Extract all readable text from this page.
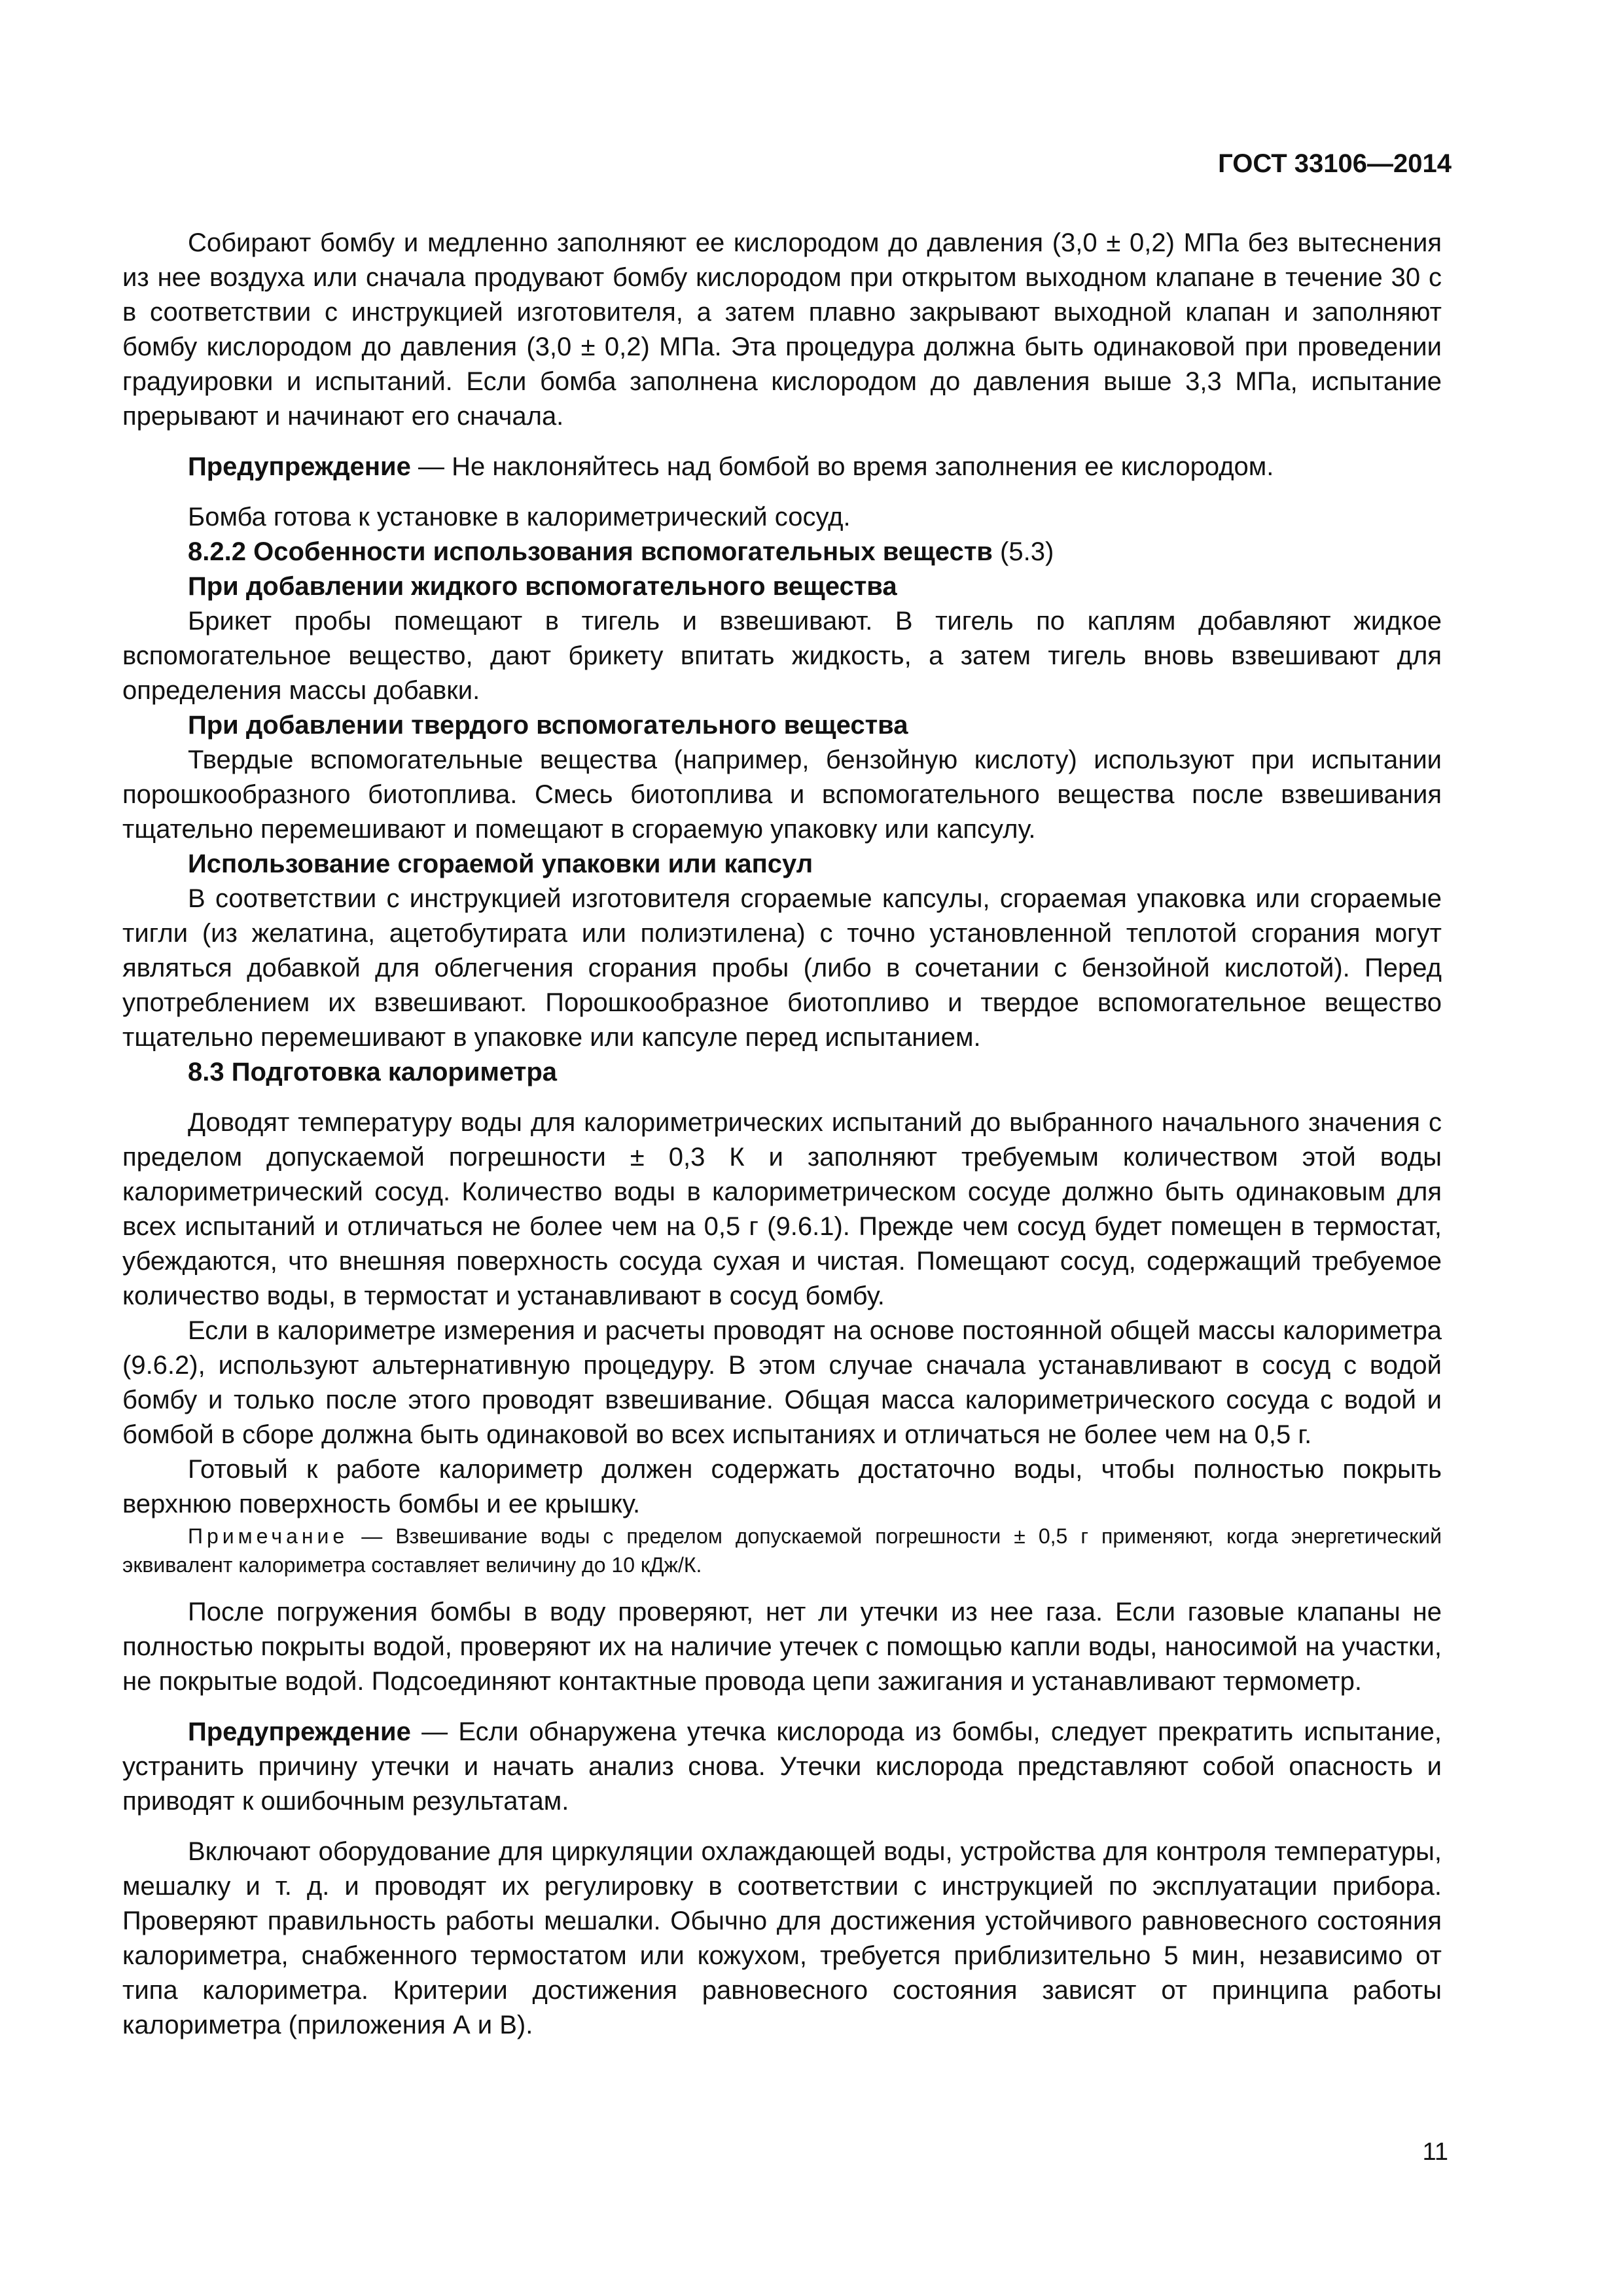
ГОСТ 33106—2014

Собирают бомбу и медленно заполняют ее кислородом до давления (3,0 ± 0,2) МПа без вытеснения из нее воздуха или сначала продувают бомбу кислородом при открытом выходном клапане в течение 30 с в соответствии с инструкцией изготовителя, а затем плавно закрывают выходной клапан и заполняют бомбу кислородом до давления (3,0 ± 0,2) МПа. Эта процедура должна быть одинаковой при проведении градуировки и испытаний. Если бомба заполнена кислородом до давления выше 3,3 МПа, испытание прерывают и начинают его сначала.

Предупреждение — Не наклоняйтесь над бомбой во время заполнения ее кислородом.

Бомба готова к установке в калориметрический сосуд.

8.2.2 Особенности использования вспомогательных веществ (5.3)

При добавлении жидкого вспомогательного вещества

Брикет пробы помещают в тигель и взвешивают. В тигель по каплям добавляют жидкое вспомогательное вещество, дают брикету впитать жидкость, а затем тигель вновь взвешивают для определения массы добавки.

При добавлении твердого вспомогательного вещества

Твердые вспомогательные вещества (например, бензойную кислоту) используют при испытании порошкообразного биотоплива. Смесь биотоплива и вспомогательного вещества после взвешивания тщательно перемешивают и помещают в сгораемую упаковку или капсулу.

Использование сгораемой упаковки или капсул

В соответствии с инструкцией изготовителя сгораемые капсулы, сгораемая упаковка или сгораемые тигли (из желатина, ацетобутирата или полиэтилена) с точно установленной теплотой сгорания могут являться добавкой для облегчения сгорания пробы (либо в сочетании с бензойной кислотой). Перед употреблением их взвешивают. Порошкообразное биотопливо и твердое вспомогательное вещество тщательно перемешивают в упаковке или капсуле перед испытанием.

8.3 Подготовка калориметра

Доводят температуру воды для калориметрических испытаний до выбранного начального значения с пределом допускаемой погрешности ± 0,3 К и заполняют требуемым количеством этой воды калориметрический сосуд. Количество воды в калориметрическом сосуде должно быть одинаковым для всех испытаний и отличаться не более чем на 0,5 г (9.6.1). Прежде чем сосуд будет помещен в термостат, убеждаются, что внешняя поверхность сосуда сухая и чистая. Помещают сосуд, содержащий требуемое количество воды, в термостат и устанавливают в сосуд бомбу.

Если в калориметре измерения и расчеты проводят на основе постоянной общей массы калориметра (9.6.2), используют альтернативную процедуру. В этом случае сначала устанавливают в сосуд с водой бомбу и только после этого проводят взвешивание. Общая масса калориметрического сосуда с водой и бомбой в сборе должна быть одинаковой во всех испытаниях и отличаться не более чем на 0,5 г.

Готовый к работе калориметр должен содержать достаточно воды, чтобы полностью покрыть верхнюю поверхность бомбы и ее крышку.

Примечание — Взвешивание воды с пределом допускаемой погрешности ± 0,5 г применяют, когда энергетический эквивалент калориметра составляет величину до 10 кДж/К.

После погружения бомбы в воду проверяют, нет ли утечки из нее газа. Если газовые клапаны не полностью покрыты водой, проверяют их на наличие утечек с помощью капли воды, наносимой на участки, не покрытые водой. Подсоединяют контактные провода цепи зажигания и устанавливают термометр.

Предупреждение — Если обнаружена утечка кислорода из бомбы, следует прекратить испытание, устранить причину утечки и начать анализ снова. Утечки кислорода представляют собой опасность и приводят к ошибочным результатам.

Включают оборудование для циркуляции охлаждающей воды, устройства для контроля температуры, мешалку и т. д. и проводят их регулировку в соответствии с инструкцией по эксплуатации прибора. Проверяют правильность работы мешалки. Обычно для достижения устойчивого равновесного состояния калориметра, снабженного термостатом или кожухом, требуется приблизительно 5 мин, независимо от типа калориметра. Критерии достижения равновесного состояния зависят от принципа работы калориметра (приложения А и В).

11
